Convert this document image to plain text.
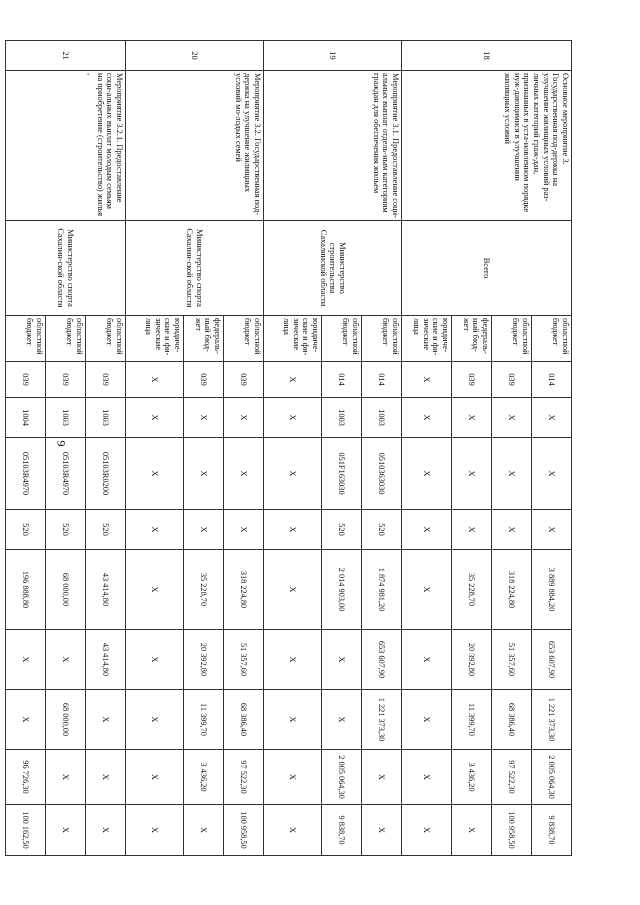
9
18	Основное мероприятие 3. Государственная под-держка на улучшение жилищных условий раз-личных категорий граж-дан, признанных в уста-новленном порядке нуж-дающимися в улучшении жилищных условий	Всего	областной бюджет	014	X	X	X	3 889 884,20	653 607,90	1 221 373,30	2 005 064,30	9 838,70
			областной бюджет	039	X	X	X	318 224,80	51 357,60	68 386,40	97 522,30	100 958,50
			федераль-ный бюд-жет	039	X	X	X	35 228,70	20 392,80	11 399,70	3 436,20	X
			юридиче-ские и фи-зические лица	X	X	X	X	X	X	X	X	X
19	Мероприятие 3.1. Предоставление соци-альных выплат отдель-ным категориям граждан для обеспечения жильем	Министерство строительства Сахалинской области	областной бюджет	014	1003	0510363030	520	1 874 981,20	653 607,90	1 221 373,30	X	X
			областной бюджет	014	1003	051F163030	520	2 014 903,00	X	X	2 005 064,30	9 838,70
			юридиче-ские и фи-зические лица	X	X	X	X	X	X	X	X	X
20	Мероприятие 3.2. Государственная под-держка на улучшение жилищных условий мо-лодых семей	Министерство спорта Сахалин-ской области	областной бюджет	039	X	X	X	318 224,80	51 357,60	68 386,40	97 522,30	100 958,50
			федераль-ный бюд-жет	039	X	X	X	35 228,70	20 392,80	11 399,70	3 436,20	X
			юридиче-ские и фи-зические лица	X	X	X	X	X	X	X	X	X
21	Мероприятие 3.2.1. Предоставление соци-альных выплат молодым семьям на приобретение (строительство) жилья ,	Министерство спорта Сахалин-ской области	областной бюджет	039	1003	05103R0200	520	43 414,80	43 414,80	X	X	X
			областной бюджет	039	1003	05103R4970	520	68 000,00	X	68 000,00	X	X
			областной бюджет	039	1004	05103R4970	520	196 888,80	X	X	96 726,30	100 162,50
